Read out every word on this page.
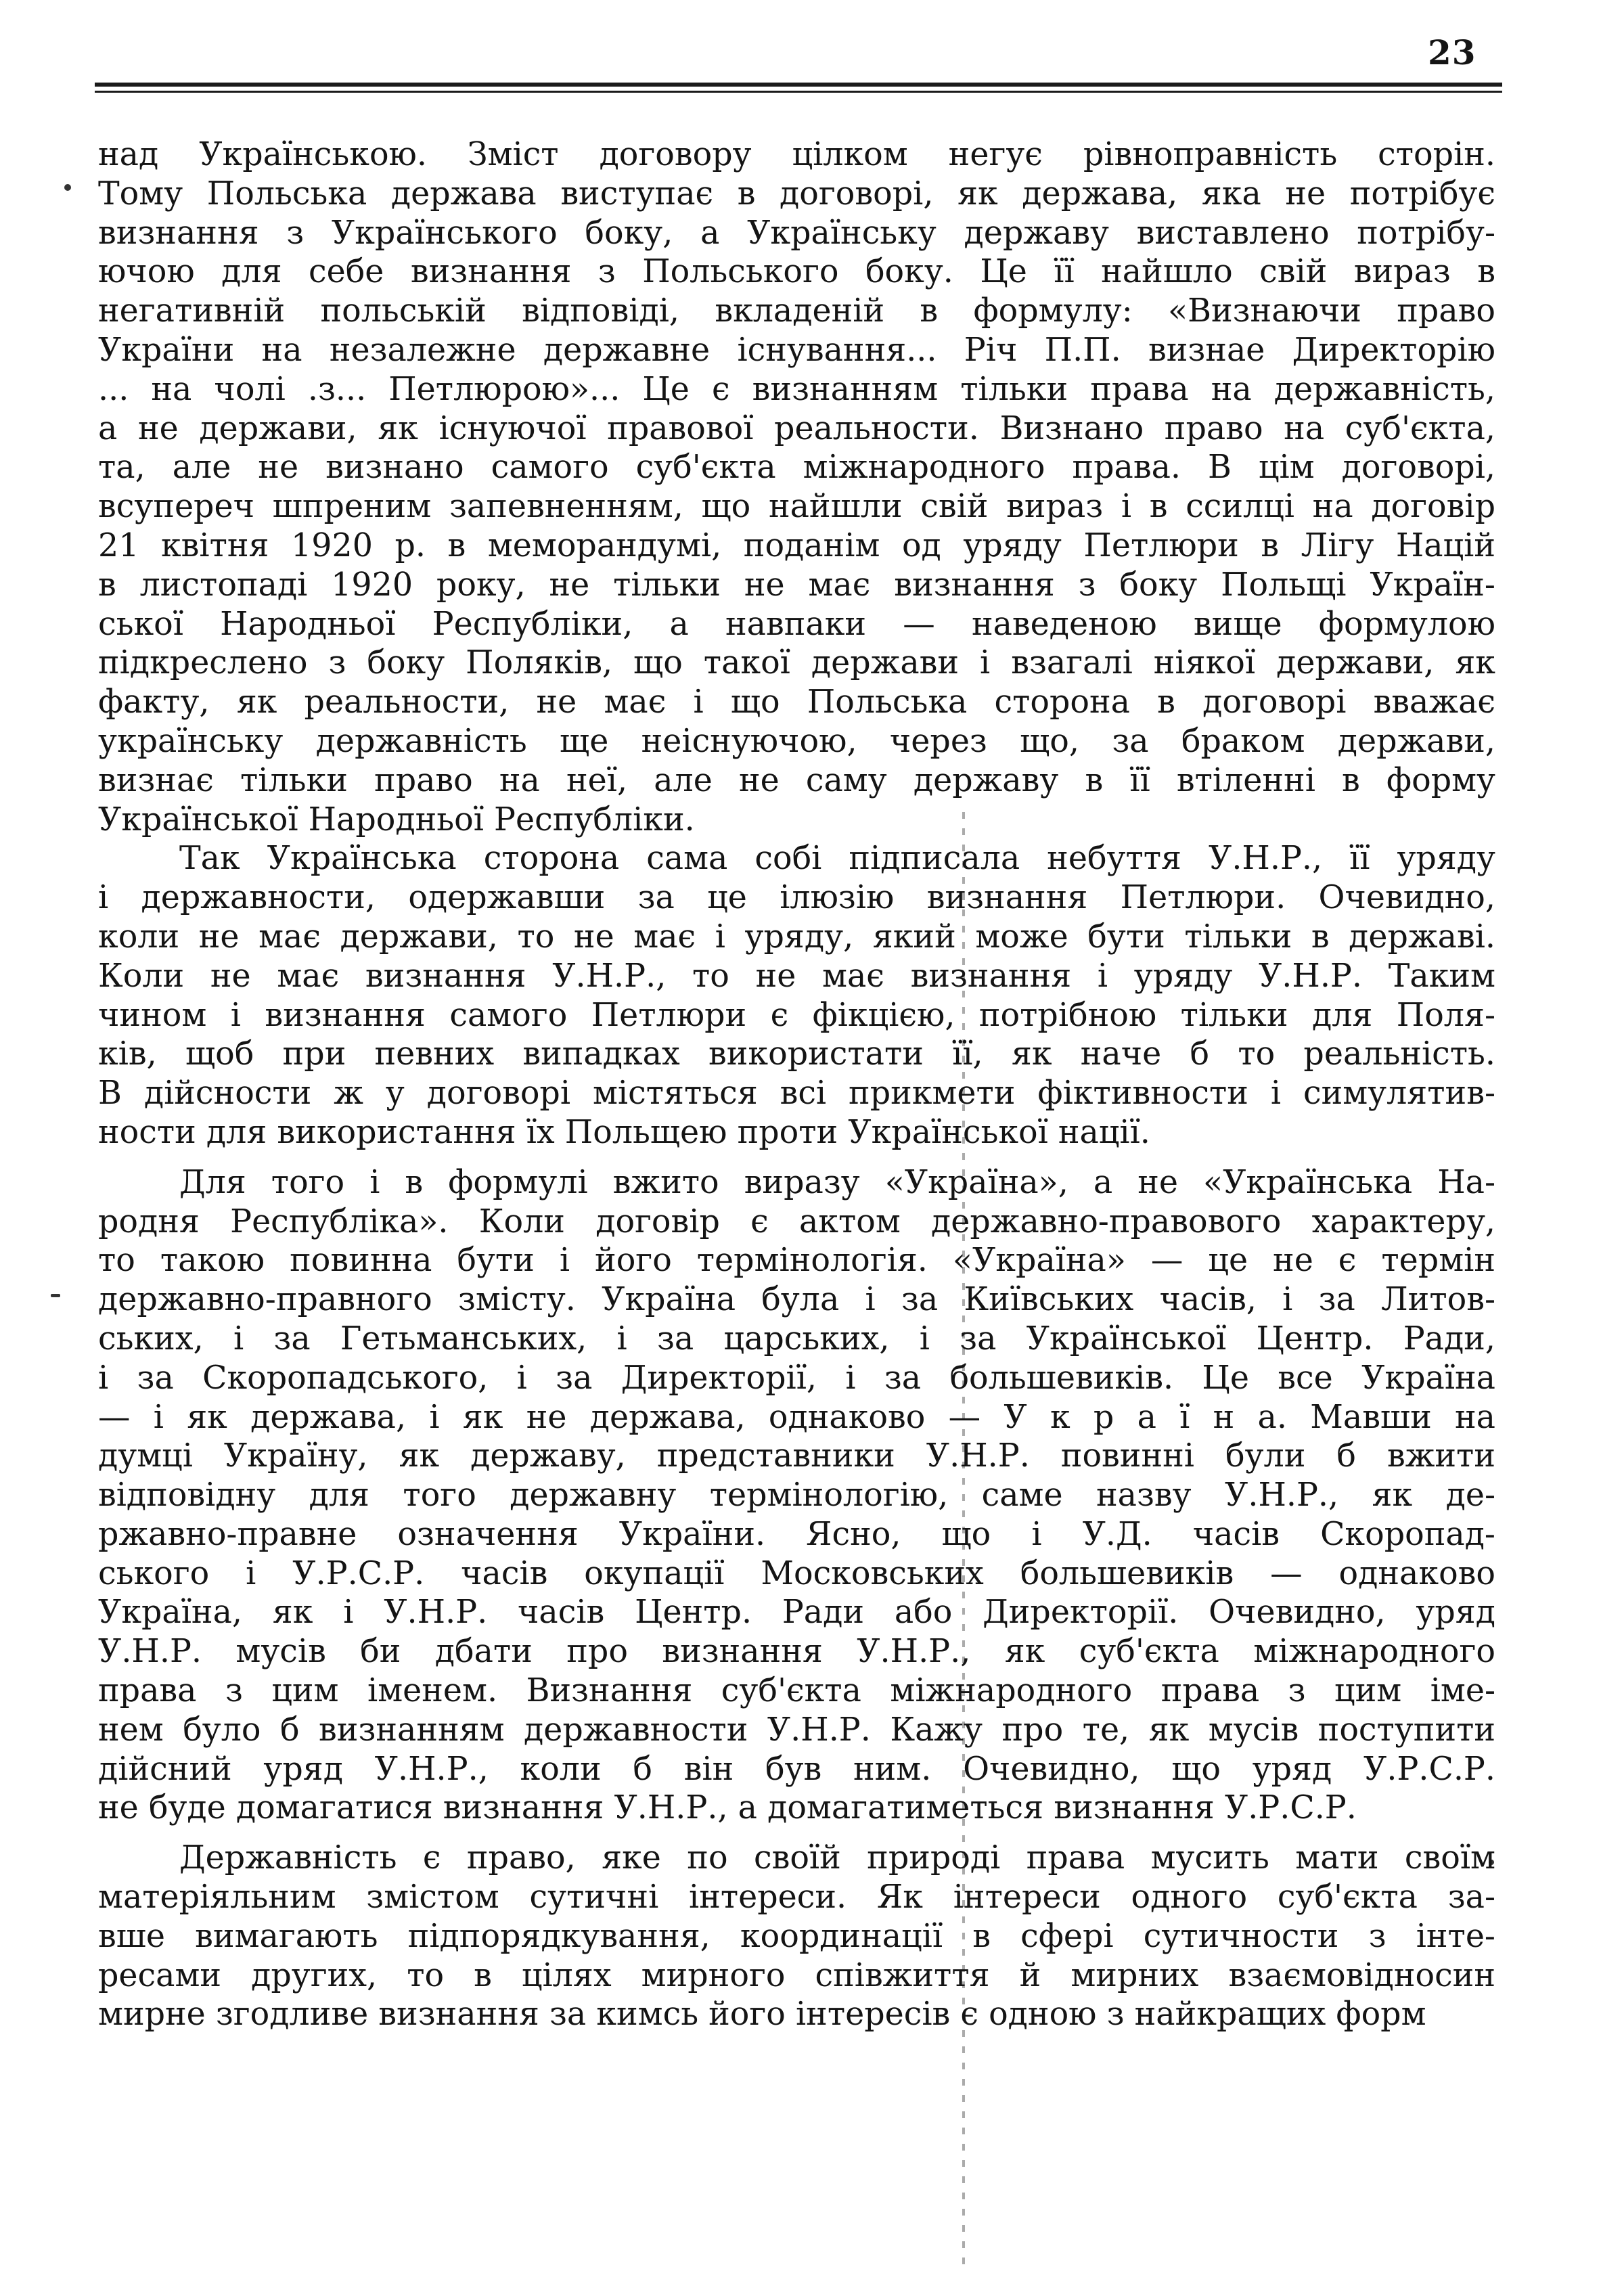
23
над Українською. Зміст договору цілком негує рівноправність сторін.
Тому Польська держава виступає в договорі, як держава, яка не потрібує
визнання з Українського боку, а Українську державу виставлено потрібу-
ючою для себе визнання з Польського боку. Це її найшло свій вираз в
негативній польській відповіді, вкладеній в формулу: «Визнаючи право
України на незалежне державне існування... Річ П.П. визнае Директорію
... на чолі .з... Петлюрою»... Це є визнанням тільки права на державність,
а не держави, як існуючої правової реальности. Визнано право на суб'єкта,
та, але не визнано самого суб'єкта міжнародного права. В цім договорі,
всупереч шпреним запевненням, що найшли свій вираз і в ссилці на договір
21 квітня 1920 р. в меморандумі, поданім од уряду Петлюри в Лігу Націй
в листопаді 1920 року, не тільки не має визнання з боку Польщі Україн-
ської Народньої Республіки, а навпаки — наведеною вище формулою
підкреслено з боку Поляків, що такої держави і взагалі ніякої держави, як
факту, як реальности, не має і що Польська сторона в договорі вважає
українську державність ще неіснуючою, через що, за браком держави,
визнає тільки право на неї, але не саму державу в її втіленні в форму
Української Народньої Республіки.
Так Українська сторона сама собі підписала небуття У.Н.Р., її уряду
і державности, одержавши за це ілюзію визнання Петлюри. Очевидно,
коли не має держави, то не має і уряду, який може бути тільки в державі.
Коли не має визнання У.Н.Р., то не має визнання і уряду У.Н.Р. Таким
чином і визнання самого Петлюри є фікцією, потрібною тільки для Поля-
ків, щоб при певних випадках використати її, як наче б то реальність.
В дійсности ж у договорі містяться всі прикмети фіктивности і симулятив-
ности для використання їх Польщею проти Української нації.
Для того і в формулі вжито виразу «Україна», а не «Українська На-
родня Республіка». Коли договір є актом державно-правового характеру,
то такою повинна бути і його термінологія. «Україна» — це не є термін
державно-правного змісту. Україна була і за Київських часів, і за Литов-
ських, і за Гетьманських, і за царських, і за Української Центр. Ради,
і за Скоропадського, і за Директорії, і за большевиків. Це все Україна
— і як держава, і як не держава, однаково — У к р а ї н а. Мавши на
думці Україну, як державу, представники У.Н.Р. повинні були б вжити
відповідну для того державну термінологію, саме назву У.Н.Р., як де-
ржавно-правне означення України. Ясно, що і У.Д. часів Скоропад-
ського і У.Р.С.Р. часів окупації Московських большевиків — однаково
Україна, як і У.Н.Р. часів Центр. Ради або Директорії. Очевидно, уряд
У.Н.Р. мусів би дбати про визнання У.Н.Р., як суб'єкта міжнародного
права з цим іменем. Визнання суб'єкта міжнародного права з цим іме-
нем було б визнанням державности У.Н.Р. Кажу про те, як мусів поступити
дійсний уряд У.Н.Р., коли б він був ним. Очевидно, що уряд У.Р.С.Р.
не буде домагатися визнання У.Н.Р., а домагатиметься визнання У.Р.С.Р.
Державність є право, яке по своїй природі права мусить мати своїм
матеріяльним змістом сутичні інтереси. Як інтереси одного суб'єкта за-
вше вимагають підпорядкування, координації в сфері сутичности з інте-
ресами других, то в цілях мирного співжиття й мирних взаємовідносин
мирне згодливе визнання за кимсь його інтересів є одною з найкращих форм
